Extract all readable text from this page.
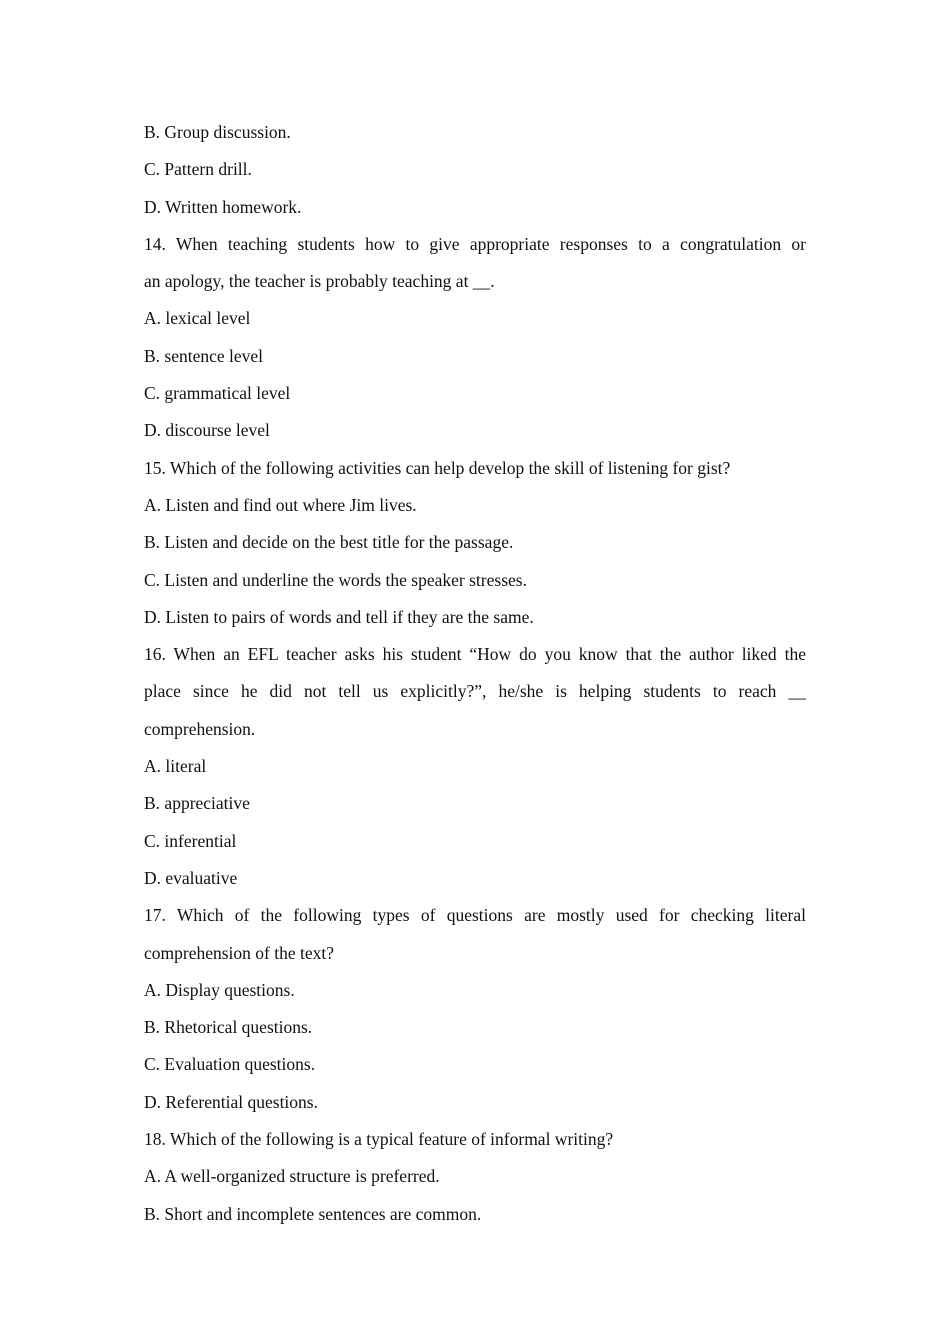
B. Group discussion.
C. Pattern drill.
D. Written homework.
14. When teaching students how to give appropriate responses to a congratulation or
an apology, the teacher is probably teaching at __.
A. lexical level
B. sentence level
C. grammatical level
D. discourse level
15. Which of the following activities can help develop the skill of listening for gist?
A. Listen and find out where Jim lives.
B. Listen and decide on the best title for the passage.
C. Listen and underline the words the speaker stresses.
D. Listen to pairs of words and tell if they are the same.
16. When an EFL teacher asks his student “How do you know that the author liked the
place since he did not tell us explicitly?”, he/she is helping students to reach __
comprehension.
A. literal
B. appreciative
C. inferential
D. evaluative
17. Which of the following types of questions are mostly used for checking literal
comprehension of the text?
A. Display questions.
B. Rhetorical questions.
C. Evaluation questions.
D. Referential questions.
18. Which of the following is a typical feature of informal writing?
A. A well-organized structure is preferred.
B. Short and incomplete sentences are common.
